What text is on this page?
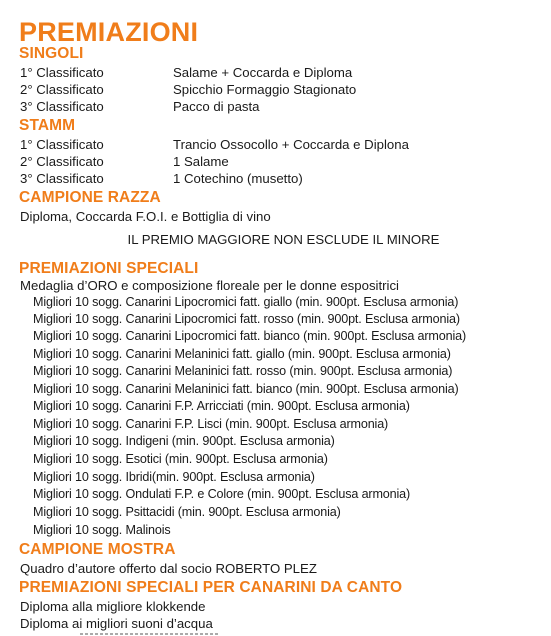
PREMIAZIONI
SINGOLI
1° Classificato	Salame + Coccarda e Diploma
2° Classificato	Spicchio Formaggio Stagionato
3° Classificato	Pacco di pasta
STAMM
1° Classificato	Trancio Ossocollo + Coccarda e Diplona
2° Classificato	1 Salame
3° Classificato	1 Cotechino (musetto)
CAMPIONE RAZZA
Diploma, Coccarda F.O.I. e Bottiglia di vino
IL PREMIO MAGGIORE NON ESCLUDE IL MINORE
PREMIAZIONI SPECIALI
Medaglia d’ORO e composizione floreale per le donne espositrici
Migliori 10 sogg. Canarini Lipocromici fatt. giallo (min. 900pt. Esclusa armonia)
Migliori 10 sogg. Canarini Lipocromici fatt. rosso (min. 900pt. Esclusa armonia)
Migliori 10 sogg. Canarini Lipocromici fatt. bianco (min. 900pt. Esclusa armonia)
Migliori 10 sogg. Canarini Melaninici fatt. giallo (min. 900pt. Esclusa armonia)
Migliori 10 sogg. Canarini Melaninici fatt. rosso (min. 900pt. Esclusa armonia)
Migliori 10 sogg. Canarini Melaninici fatt. bianco (min. 900pt. Esclusa armonia)
Migliori 10 sogg. Canarini F.P. Arricciati (min. 900pt. Esclusa armonia)
Migliori 10 sogg. Canarini F.P. Lisci (min. 900pt. Esclusa armonia)
Migliori 10 sogg. Indigeni (min. 900pt. Esclusa armonia)
Migliori 10 sogg. Esotici (min. 900pt. Esclusa armonia)
Migliori 10 sogg. Ibridi(min. 900pt. Esclusa armonia)
Migliori 10 sogg. Ondulati F.P. e Colore (min. 900pt. Esclusa armonia)
Migliori 10 sogg. Psittacidi (min. 900pt. Esclusa armonia)
Migliori 10 sogg. Malinois
CAMPIONE MOSTRA
Quadro d’autore offerto dal socio ROBERTO PLEZ
PREMIAZIONI SPECIALI PER CANARINI DA CANTO
Diploma alla migliore klokkende
Diploma ai migliori suoni d’acqua
